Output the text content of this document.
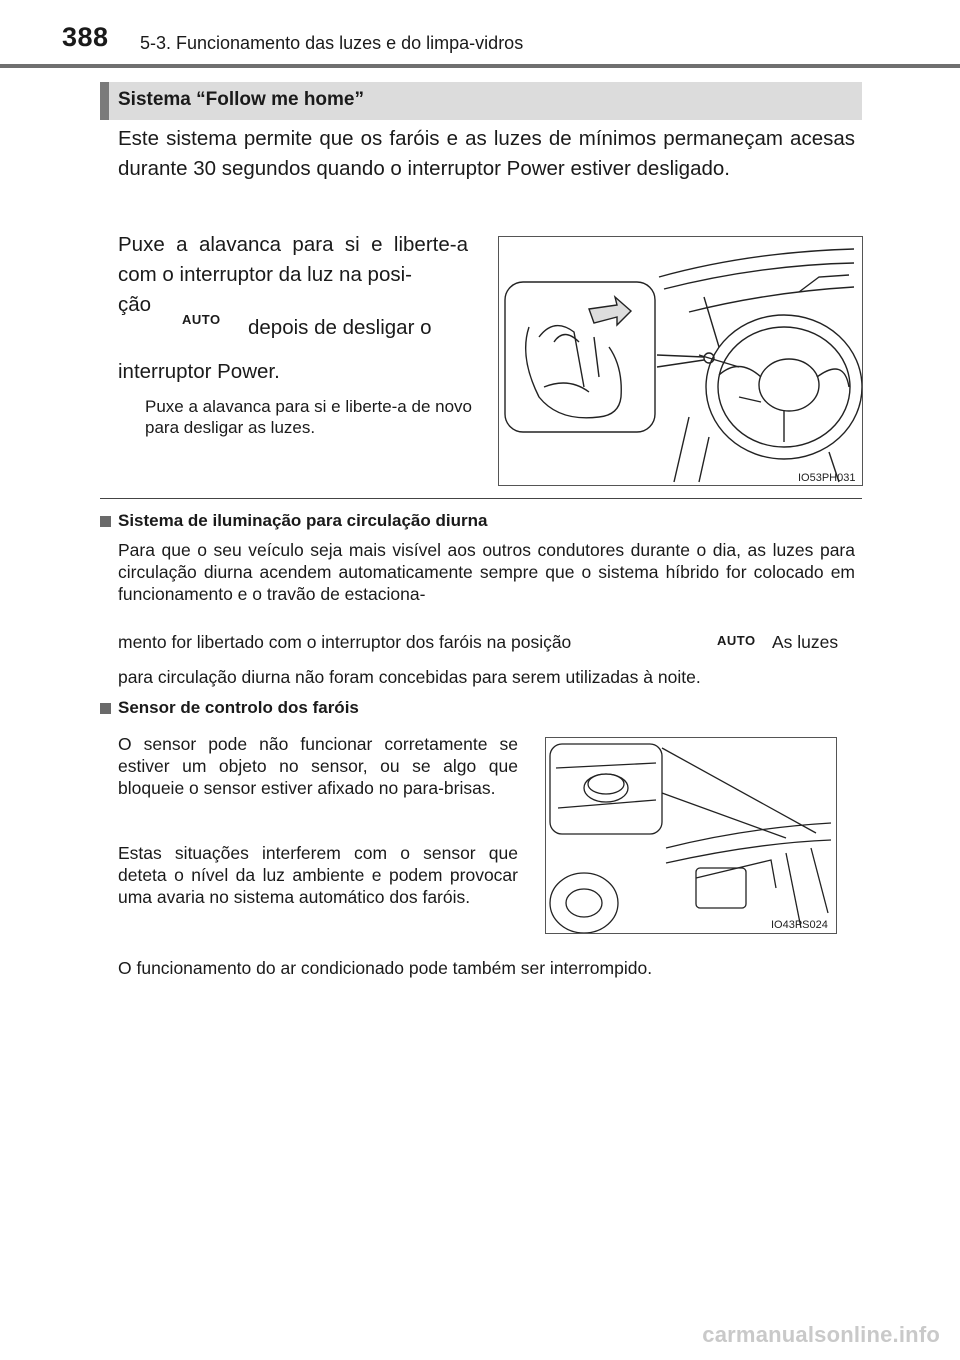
388 5-3. Funcionamento das luzes e do limpa-vidros
Sistema “Follow me home”
Este sistema permite que os faróis e as luzes de mínimos permaneçam acesas durante 30 segundos quando o interruptor Power estiver desligado.
Puxe a alavanca para si e liberte-a com o interruptor da luz na posi-
ção
AUTO depois de desligar o
interruptor Power.
Puxe a alavanca para si e liberte-a de novo para desligar as luzes.
IO53PH031
Sistema de iluminação para circulação diurna
Para que o seu veículo seja mais visível aos outros condutores durante o dia, as luzes para circulação diurna acendem automaticamente sempre que o sistema híbrido for colocado em funcionamento e o travão de estaciona-
mento for libertado com o interruptor dos faróis na posição	AUTO As luzes
para circulação diurna não foram concebidas para serem utilizadas à noite.
Sensor de controlo dos faróis
O sensor pode não funcionar corretamente se estiver um objeto no sensor, ou se algo que bloqueie o sensor estiver afixado no para-brisas.
Estas situações interferem com o sensor que deteta o nível da luz ambiente e podem provocar uma avaria no sistema automático dos faróis.
IO43PS024
O funcionamento do ar condicionado pode também ser interrompido.
carmanualsonline.info
